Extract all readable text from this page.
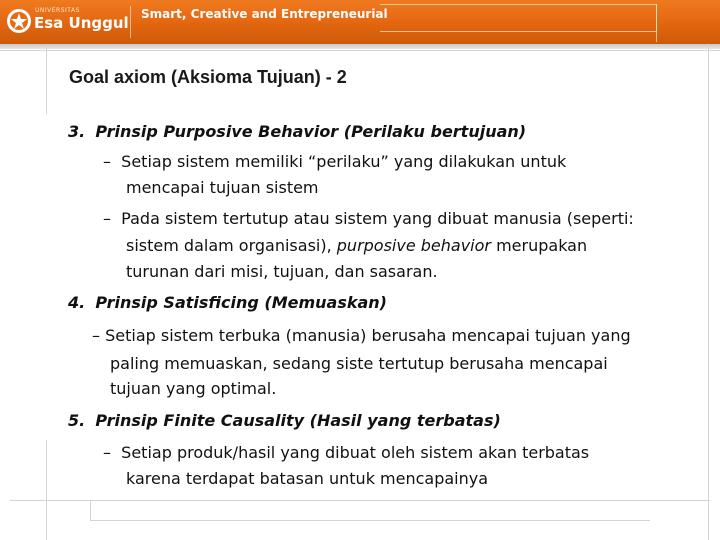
UNIVERSITAS
Esa Unggul Smart, Creative and Entrepreneurial
Goal axiom (Aksioma Tujuan) - 2
3. Prinsip Purposive Behavior (Perilaku bertujuan)
– Setiap sistem memiliki “perilaku” yang dilakukan untuk
mencapai tujuan sistem
– Pada sistem tertutup atau sistem yang dibuat manusia (seperti:
sistem dalam organisasi), purposive behavior merupakan
turunan dari misi, tujuan, dan sasaran.
4. Prinsip Satisficing (Memuaskan)
– Setiap sistem terbuka (manusia) berusaha mencapai tujuan yang
paling memuaskan, sedang siste tertutup berusaha mencapai
tujuan yang optimal.
5. Prinsip Finite Causality (Hasil yang terbatas)
– Setiap produk/hasil yang dibuat oleh sistem akan terbatas
karena terdapat batasan untuk mencapainya
